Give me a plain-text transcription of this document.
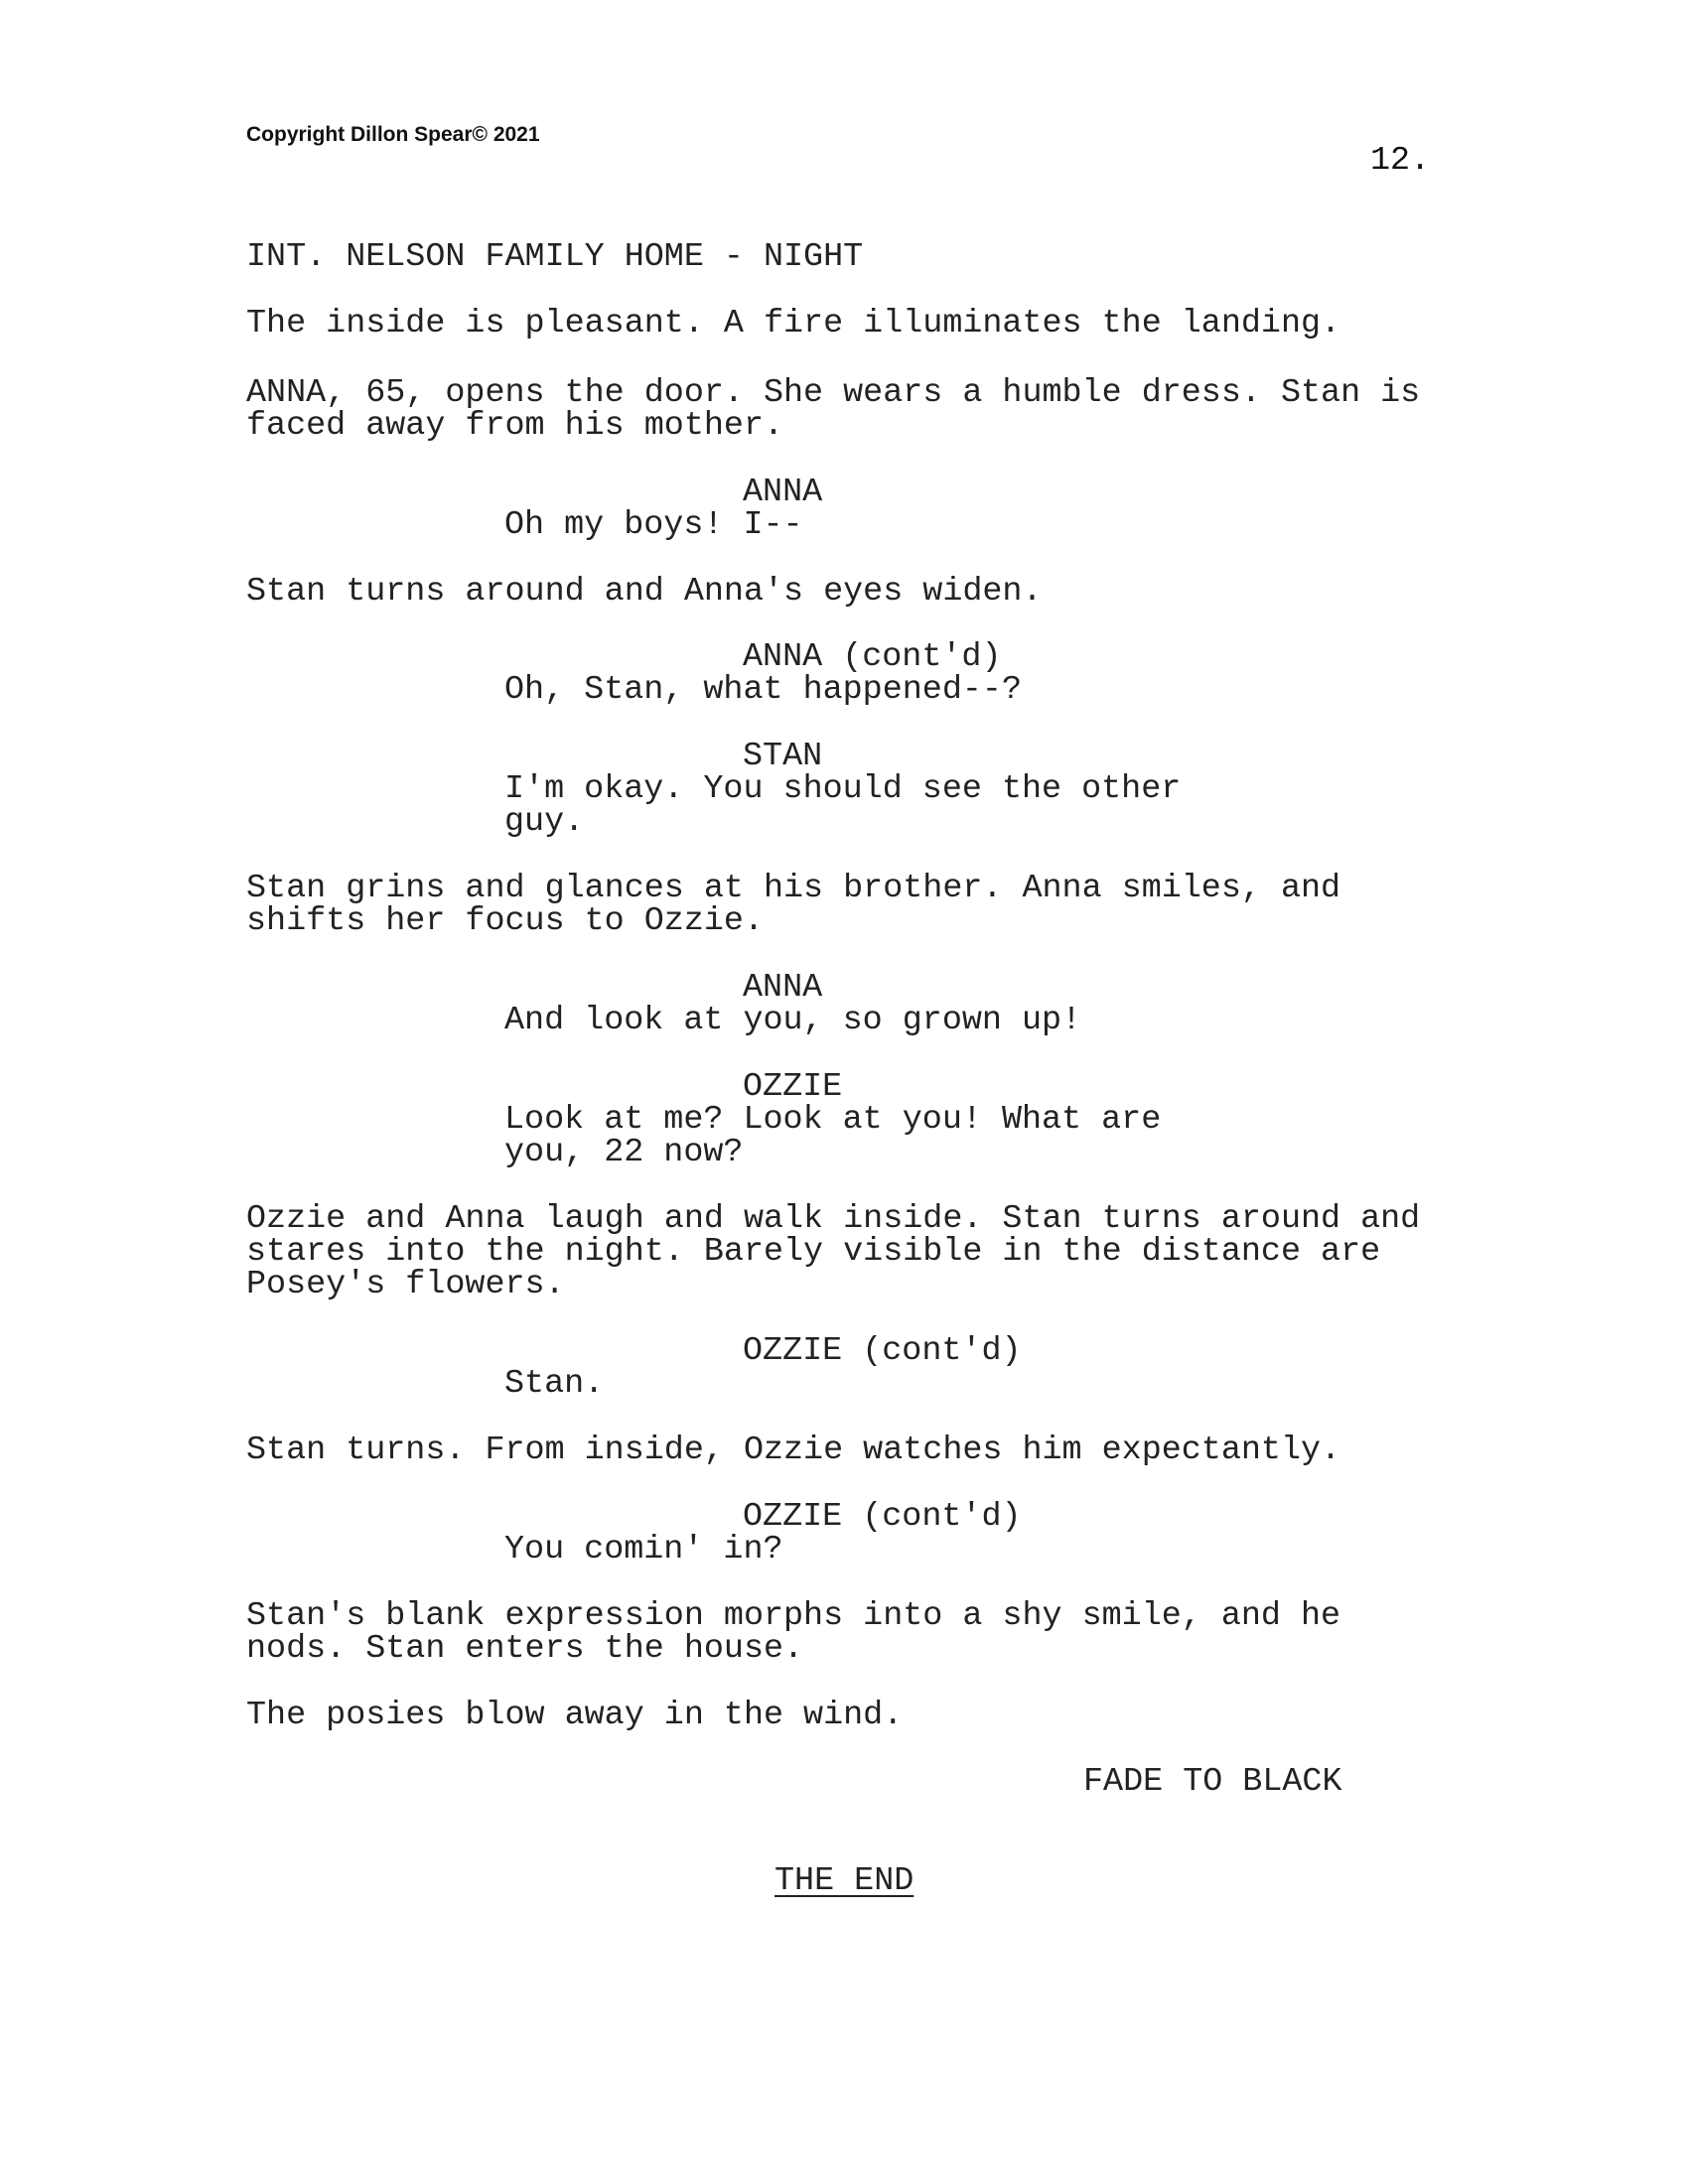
Copyright Dillon Spear© 2021
12.
INT. NELSON FAMILY HOME - NIGHT
The inside is pleasant. A fire illuminates the landing.
ANNA, 65, opens the door. She wears a humble dress. Stan is
faced away from his mother.
ANNA
Oh my boys! I--
Stan turns around and Anna's eyes widen.
ANNA (cont'd)
Oh, Stan, what happened--?
STAN
I'm okay. You should see the other
guy.
Stan grins and glances at his brother. Anna smiles, and
shifts her focus to Ozzie.
ANNA
And look at you, so grown up!
OZZIE
Look at me? Look at you! What are
you, 22 now?
Ozzie and Anna laugh and walk inside. Stan turns around and
stares into the night. Barely visible in the distance are
Posey's flowers.
OZZIE (cont'd)
Stan.
Stan turns. From inside, Ozzie watches him expectantly.
OZZIE (cont'd)
You comin' in?
Stan's blank expression morphs into a shy smile, and he
nods. Stan enters the house.
The posies blow away in the wind.
FADE TO BLACK
THE END
